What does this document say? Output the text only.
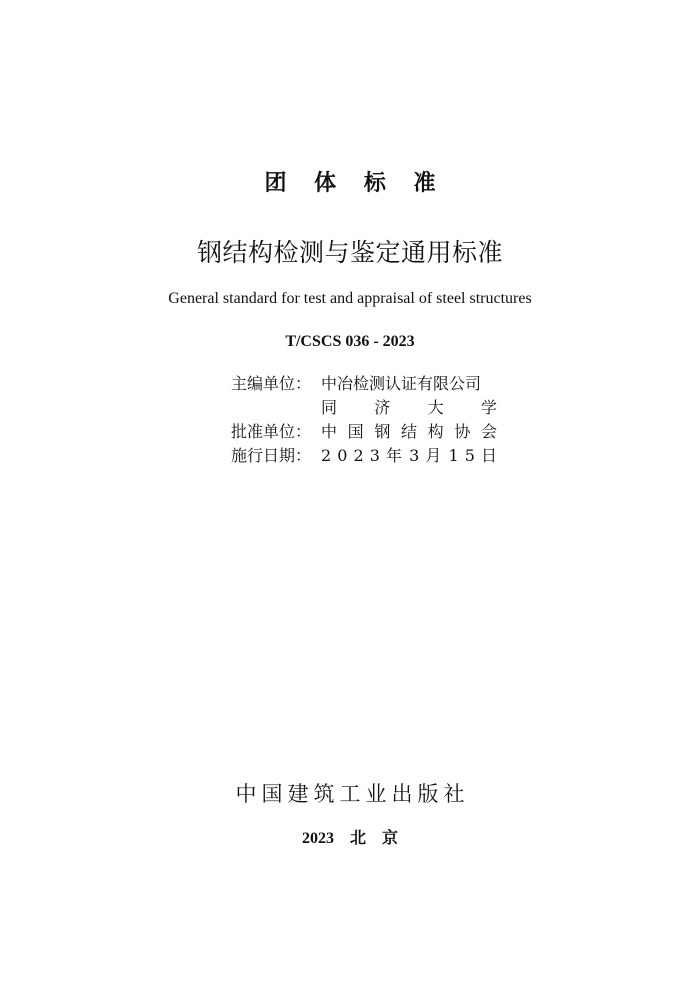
团 体 标 准
钢结构检测与鉴定通用标准
General standard for test and appraisal of steel structures
T/CSCS 036 - 2023
主编单位： 中冶检测认证有限公司
同 济 大 学
批准单位： 中 国 钢 结 构 协 会
施行日期： 2 0 2 3 年 3 月 1 5 日
中国建筑工业出版社
2023 北 京
